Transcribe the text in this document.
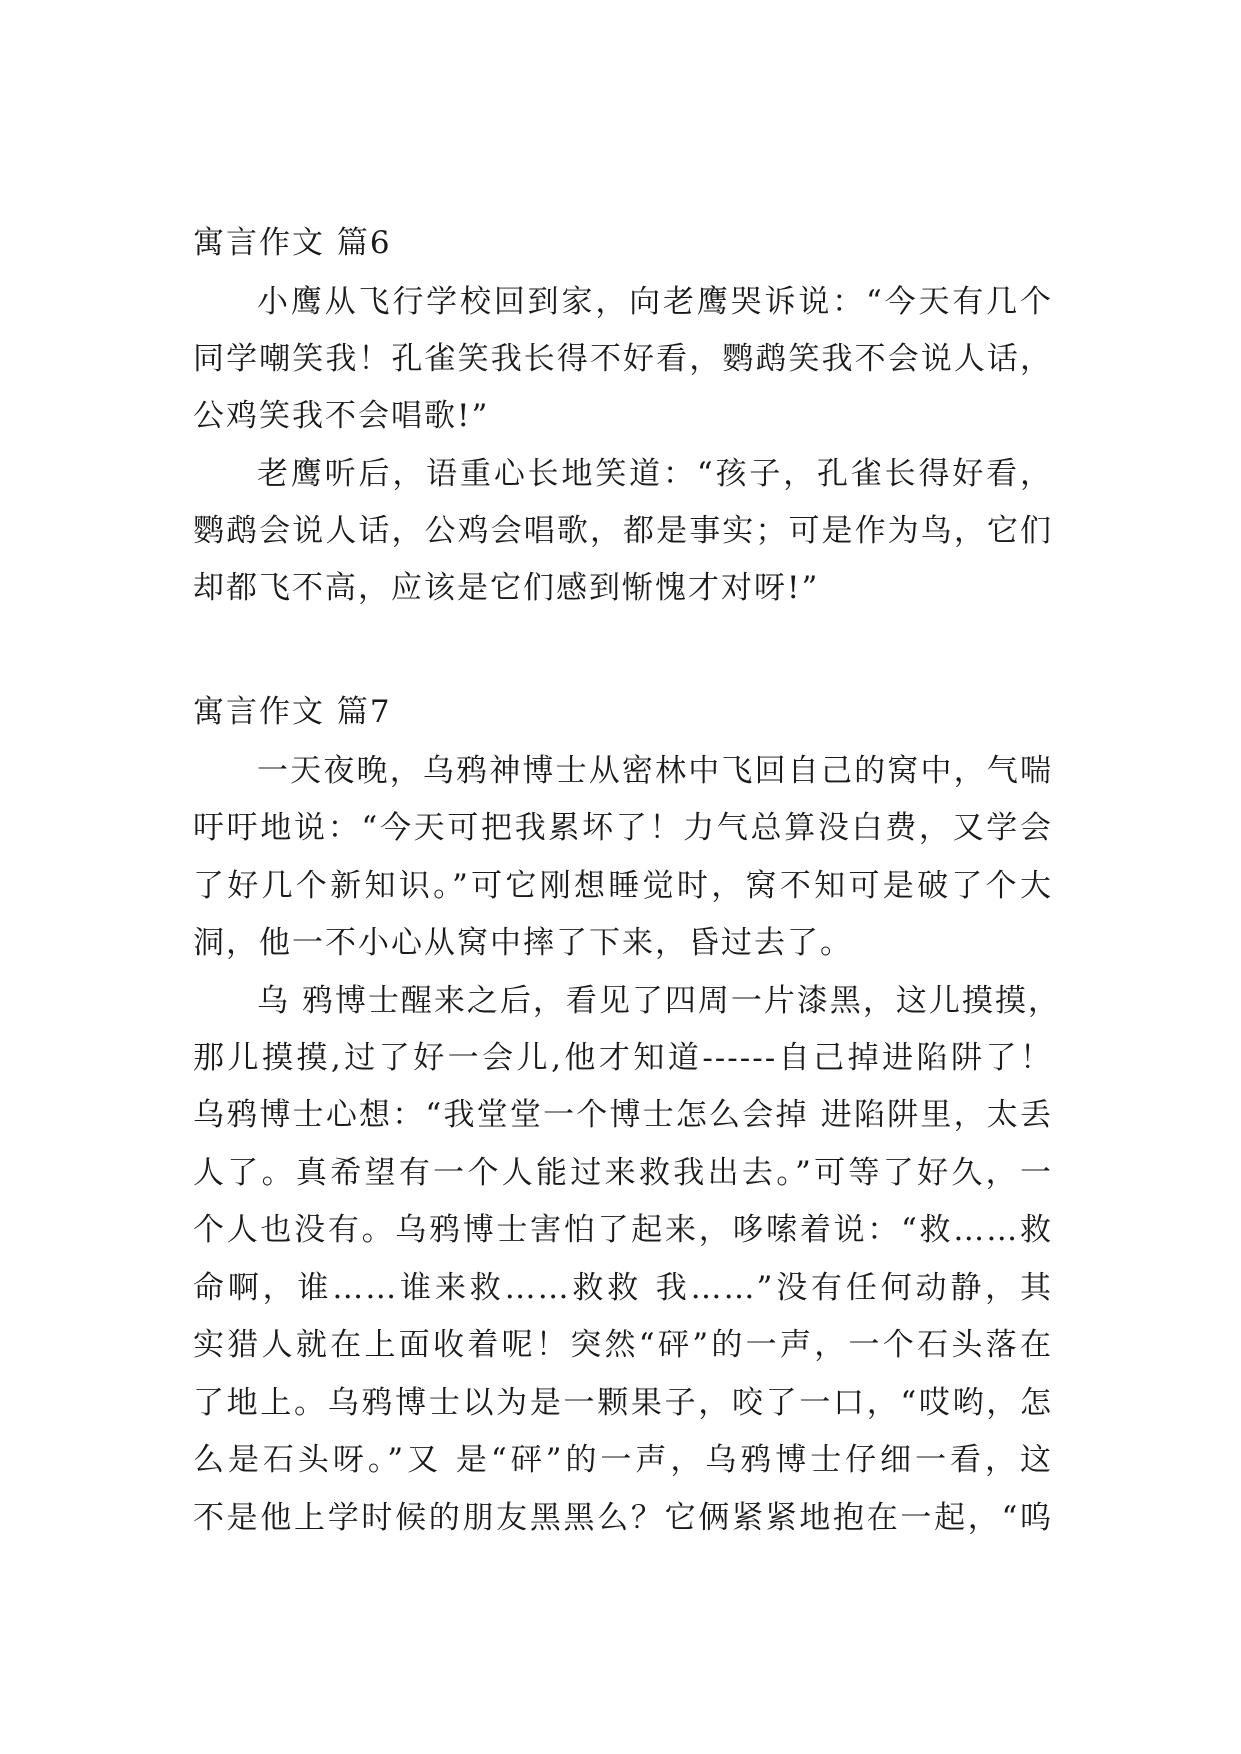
寓言作文 篇6
小鹰从飞行学校回到家，向老鹰哭诉说：“今天有几个
同学嘲笑我！孔雀笑我长得不好看，鹦鹉笑我不会说人话，
公鸡笑我不会唱歌!”
老鹰听后，语重心长地笑道：“孩子，孔雀长得好看，
鹦鹉会说人话，公鸡会唱歌，都是事实；可是作为鸟，它们
却都飞不高，应该是它们感到惭愧才对呀!”
寓言作文 篇7
一天夜晚，乌鸦神博士从密林中飞回自己的窝中，气喘
吁吁地说：“今天可把我累坏了！力气总算没白费，又学会
了好几个新知识。”可它刚想睡觉时，窝不知可是破了个大
洞，他一不小心从窝中摔了下来，昏过去了。
乌 鸦博士醒来之后，看见了四周一片漆黑，这儿摸摸，
那儿摸摸,过了好一会儿,他才知道------自己掉进陷阱了！
乌鸦博士心想：“我堂堂一个博士怎么会掉 进陷阱里，太丢
人了。真希望有一个人能过来救我出去。”可等了好久，一
个人也没有。乌鸦博士害怕了起来，哆嗦着说：“救……救
命啊，谁……谁来救……救救 我……”没有任何动静，其
实猎人就在上面收着呢！突然“砰”的一声，一个石头落在
了地上。乌鸦博士以为是一颗果子，咬了一口，“哎哟，怎
么是石头呀。”又 是“砰”的一声，乌鸦博士仔细一看，这
不是他上学时候的朋友黑黑么？它俩紧紧地抱在一起，“呜
